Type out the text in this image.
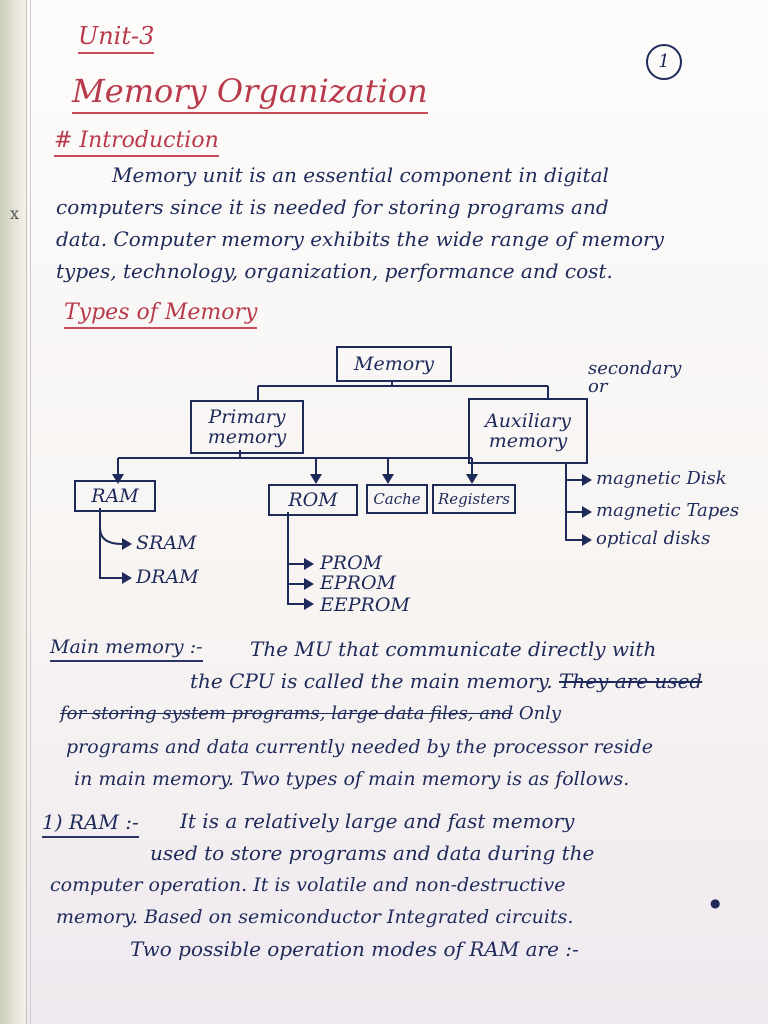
x
Unit-3
1
Memory Organization
# Introduction
Memory unit is an essential component in digital
computers since it is needed for storing programs and
data. Computer memory exhibits the wide range of memory
types, technology, organization, performance and cost.
Types of Memory
Memory
Primary memory
Auxiliary memory
secondary or
RAM	ROM	Cache	Registers
SRAM
DRAM
PROM
EPROM
EEPROM
magnetic Disk
magnetic Tapes
optical disks
Main memory :- The MU that communicate directly with
the CPU is called the main memory. They are used
for storing system programs, large data files, and Only
programs and data currently needed by the processor reside
in main memory. Two types of main memory is as follows.
1) RAM :- It is a relatively large and fast memory
used to store programs and data during the
computer operation. It is volatile and non-destructive
memory. Based on semiconductor Integrated circuits.
Two possible operation modes of RAM are :-
●
